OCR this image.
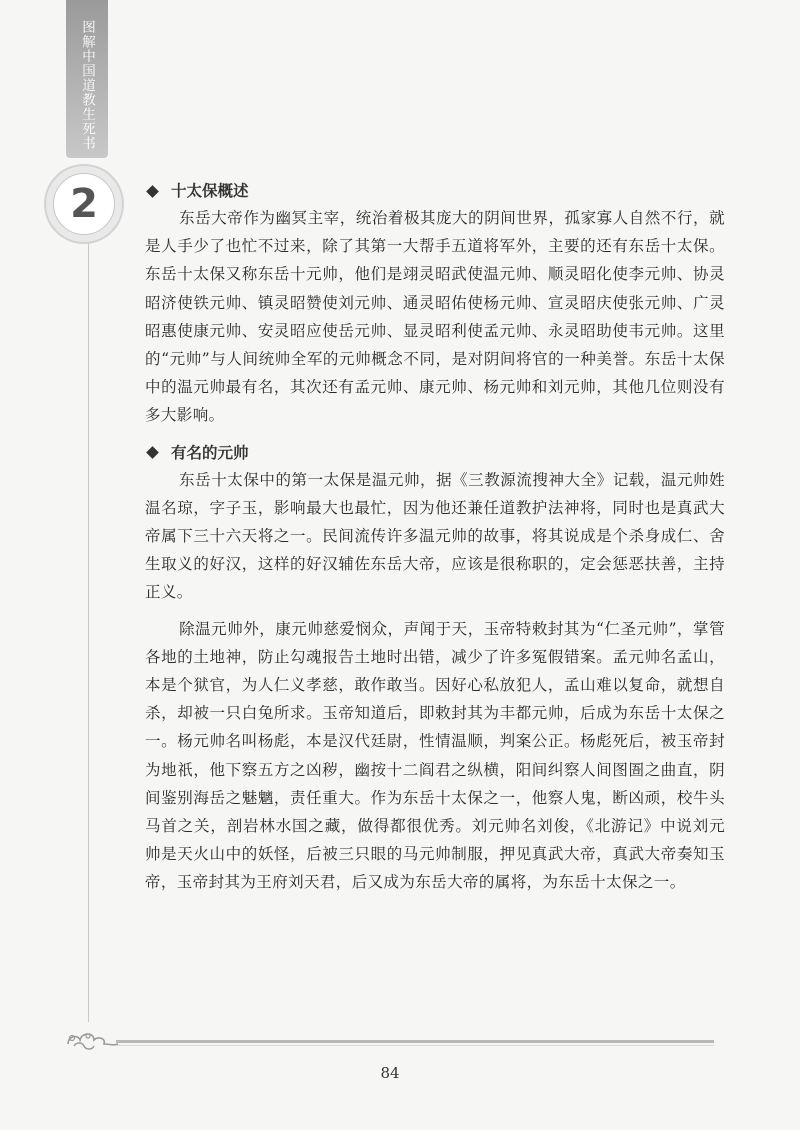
图解中国道教生死书
2	十太保概述

东岳大帝作为幽冥主宰，统治着极其庞大的阴间世界，孤家寡人自然不行，就是人手少了也忙不过来，除了其第一大帮手五道将军外，主要的还有东岳十太保。东岳十太保又称东岳十元帅，他们是翊灵昭武使温元帅、顺灵昭化使李元帅、协灵昭济使铁元帅、镇灵昭赞使刘元帅、通灵昭佑使杨元帅、宣灵昭庆使张元帅、广灵昭惠使康元帅、安灵昭应使岳元帅、显灵昭利使孟元帅、永灵昭助使韦元帅。这里的“元帅”与人间统帅全军的元帅概念不同，是对阴间将官的一种美誉。东岳十太保中的温元帅最有名，其次还有孟元帅、康元帅、杨元帅和刘元帅，其他几位则没有多大影响。

有名的元帅

东岳十太保中的第一太保是温元帅，据《三教源流搜神大全》记载，温元帅姓温名琼，字子玉，影响最大也最忙，因为他还兼任道教护法神将，同时也是真武大帝属下三十六天将之一。民间流传许多温元帅的故事，将其说成是个杀身成仁、舍生取义的好汉，这样的好汉辅佐东岳大帝，应该是很称职的，定会惩恶扶善，主持正义。

除温元帅外，康元帅慈爱悯众，声闻于天，玉帝特敕封其为“仁圣元帅”，掌管各地的土地神，防止勾魂报告土地时出错，减少了许多冤假错案。孟元帅名孟山，本是个狱官，为人仁义孝慈，敢作敢当。因好心私放犯人，孟山难以复命，就想自杀，却被一只白兔所求。玉帝知道后，即敕封其为丰都元帅，后成为东岳十太保之一。杨元帅名叫杨彪，本是汉代廷尉，性情温顺，判案公正。杨彪死后，被玉帝封为地祇，他下察五方之凶秽，幽按十二阎君之纵横，阳间纠察人间图圄之曲直，阴间鉴别海岳之魅魑，责任重大。作为东岳十太保之一，他察人鬼，断凶顽，校牛头马首之关，剖岩林水国之藏，做得都很优秀。刘元帅名刘俊，《北游记》中说刘元帅是天火山中的妖怪，后被三只眼的马元帅制服，押见真武大帝，真武大帝奏知玉帝，玉帝封其为王府刘天君，后又成为东岳大帝的属将，为东岳十太保之一。

84
